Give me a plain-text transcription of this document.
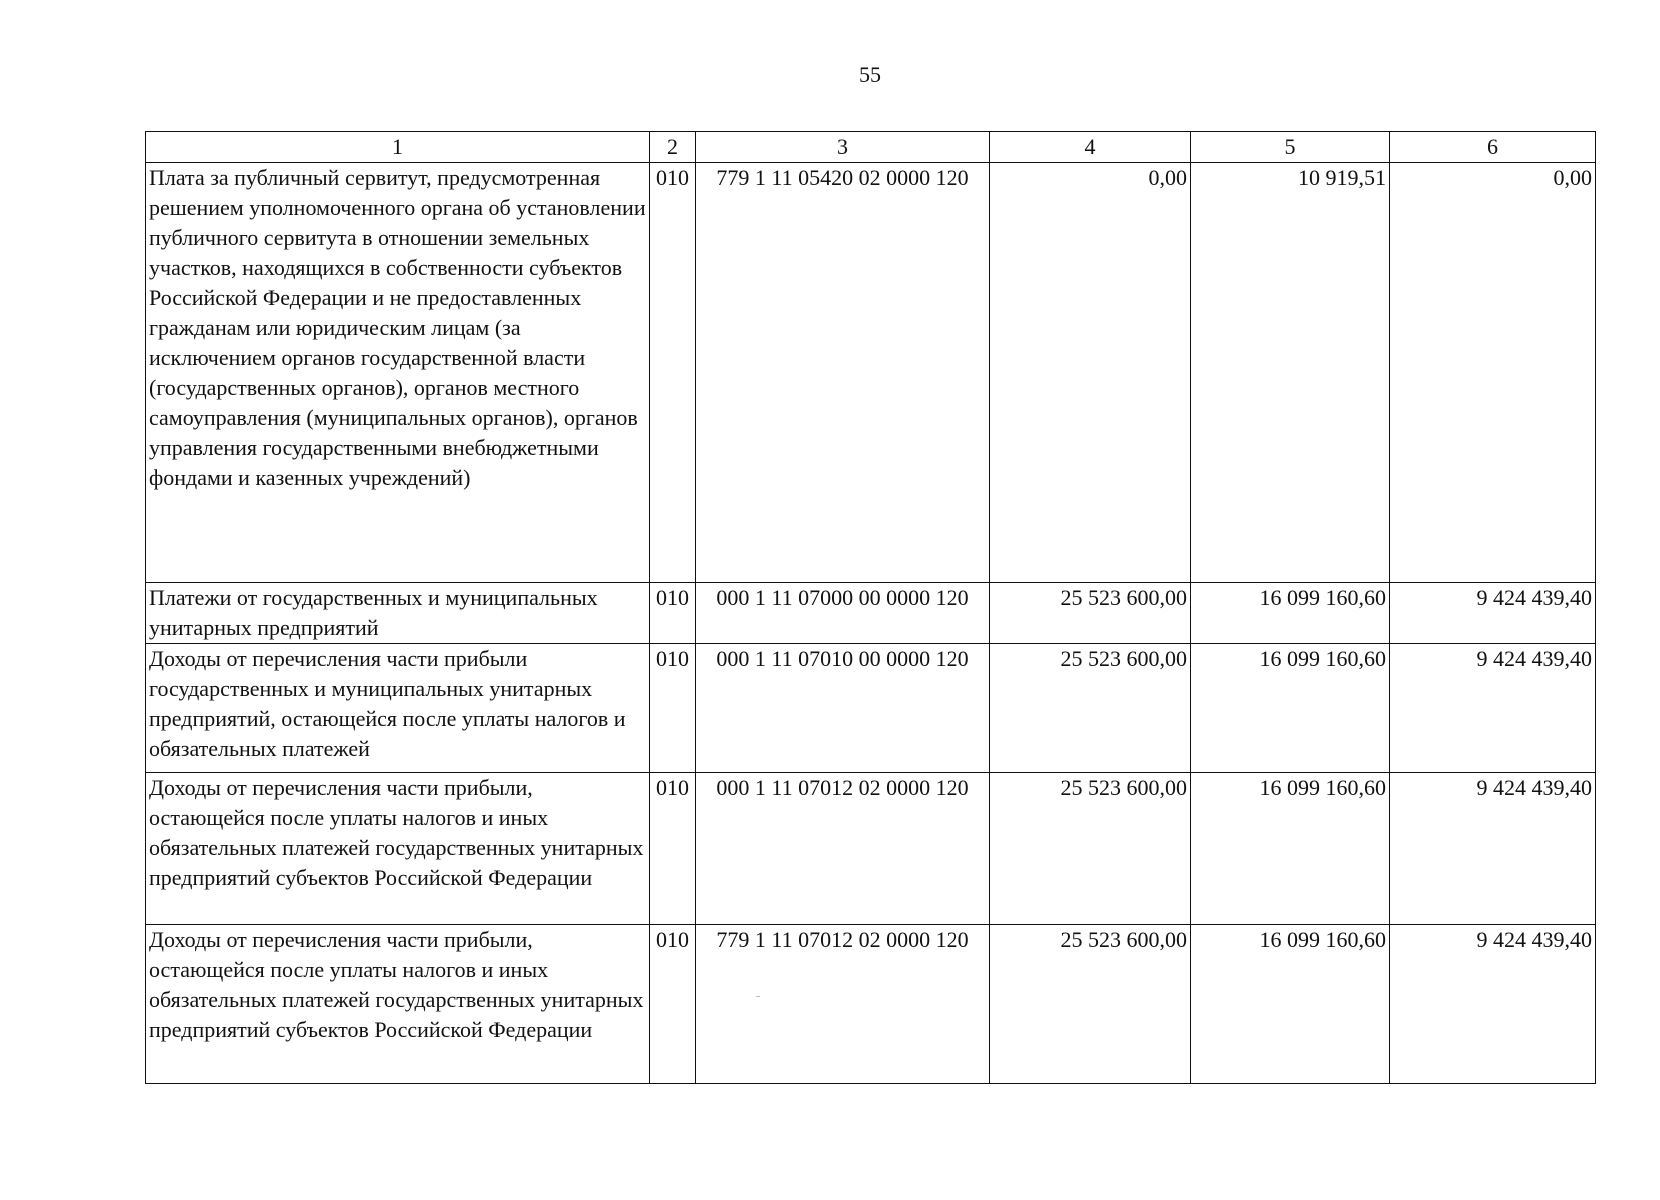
55
1	2	3	4	5	6
Плата за публичный сервитут, предусмотренная решением уполномоченного органа об установлении публичного сервитута в отношении земельных участков, находящихся в собственности субъектов Российской Федерации и не предоставленных гражданам или юридическим лицам (за исключением органов государственной власти (государственных органов), органов местного самоуправления (муниципальных органов), органов управления государственными внебюджетными фондами и казенных учреждений)	010	779 1 11 05420 02 0000 120	0,00	10 919,51	0,00
Платежи от государственных и муниципальных унитарных предприятий	010	000 1 11 07000 00 0000 120	25 523 600,00	16 099 160,60	9 424 439,40
Доходы от перечисления части прибыли государственных и муниципальных унитарных предприятий, остающейся после уплаты налогов и обязательных платежей	010	000 1 11 07010 00 0000 120	25 523 600,00	16 099 160,60	9 424 439,40
Доходы от перечисления части прибыли, остающейся после уплаты налогов и иных обязательных платежей государственных унитарных предприятий субъектов Российской Федерации	010	000 1 11 07012 02 0000 120	25 523 600,00	16 099 160,60	9 424 439,40
Доходы от перечисления части прибыли, остающейся после уплаты налогов и иных обязательных платежей государственных унитарных предприятий субъектов Российской Федерации	010	779 1 11 07012 02 0000 120	25 523 600,00	16 099 160,60	9 424 439,40
